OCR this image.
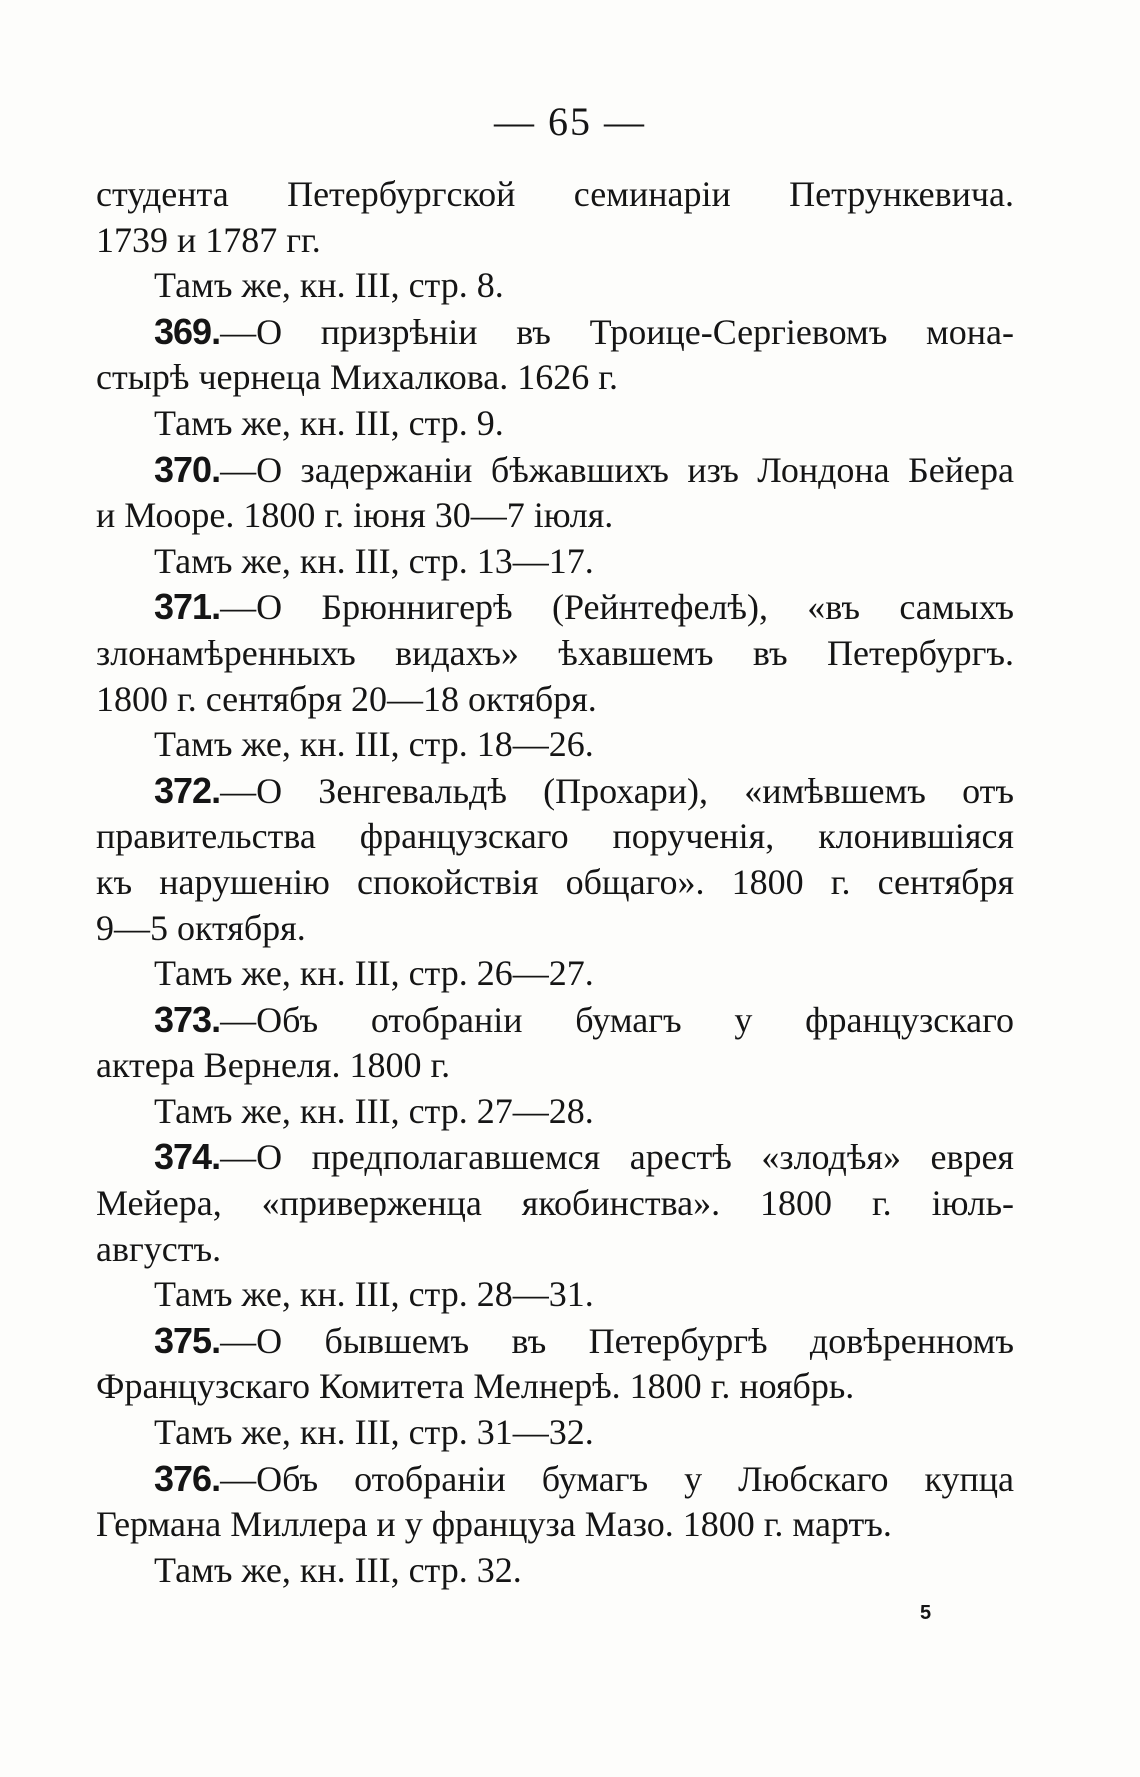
— 65 —

студента Петербургской семинарiи Петрункевича.

1739 и 1787 гг.

Тамъ же, кн. III, стр. 8.

369.—О призрѣнiи въ Троице-Сергiевомъ мона-

стырѣ чернеца Михалкова. 1626 г.

Тамъ же, кн. III, стр. 9.

370.—О задержанiи бѣжавшихъ изъ Лондона Бейера

и Мооре. 1800 г. iюня 30—7 iюля.

Тамъ же, кн. III, стр. 13—17.

371.—О Брюннигерѣ (Рейнтефелѣ), «въ самыхъ

злонамѣренныхъ видахъ» ѣхавшемъ въ Петербургъ.

1800 г. сентября 20—18 октября.

Тамъ же, кн. III, стр. 18—26.

372.—О Зенгевальдѣ (Прохари), «имѣвшемъ отъ

правительства французскаго порученiя, клонившiяся

къ нарушенiю спокойствiя общаго». 1800 г. сентября

9—5 октября.

Тамъ же, кн. III, стр. 26—27.

373.—Объ отобранiи бумагъ у французскаго

актера Вернеля. 1800 г.

Тамъ же, кн. III, стр. 27—28.

374.—О предполагавшемся арестѣ «злодѣя» еврея

Мейера, «приверженца якобинства». 1800 г. iюль-

августъ.

Тамъ же, кн. III, стр. 28—31.

375.—О бывшемъ въ Петербургѣ довѣренномъ

Французскаго Комитета Мелнерѣ. 1800 г. ноябрь.

Тамъ же, кн. III, стр. 31—32.

376.—Объ отобранiи бумагъ у Любскаго купца

Германа Миллера и у француза Мазо. 1800 г. мартъ.

Тамъ же, кн. III, стр. 32.

5
